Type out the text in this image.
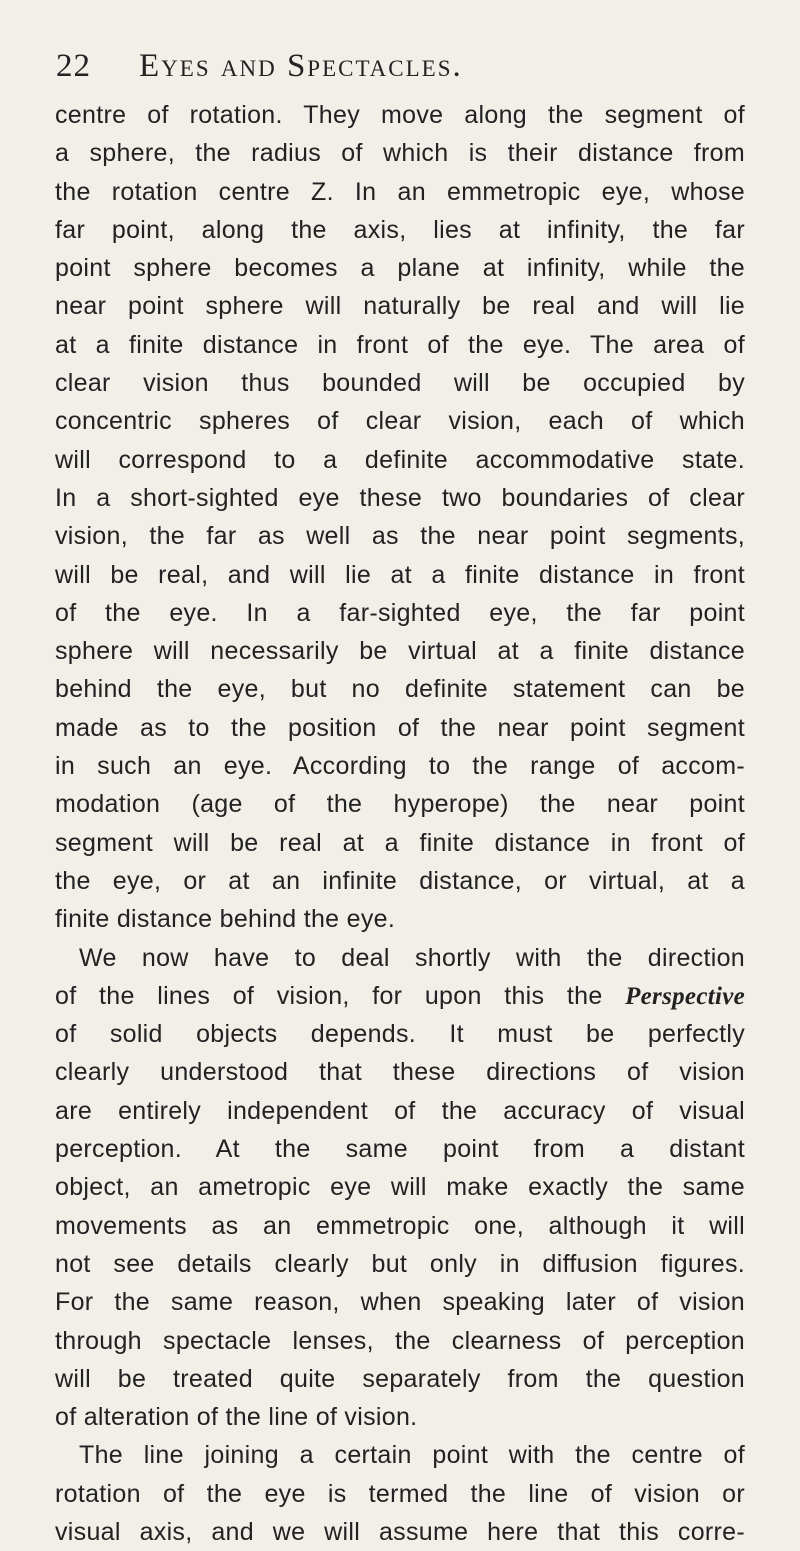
22 Eyes and Spectacles.
centre of rotation. They move along the segment of
a sphere, the radius of which is their distance from
the rotation centre Z. In an emmetropic eye, whose
far point, along the axis, lies at infinity, the far
point sphere becomes a plane at infinity, while the
near point sphere will naturally be real and will lie
at a finite distance in front of the eye. The area of
clear vision thus bounded will be occupied by
concentric spheres of clear vision, each of which
will correspond to a definite accommodative state.
In a short-sighted eye these two boundaries of clear
vision, the far as well as the near point segments,
will be real, and will lie at a finite distance in front
of the eye. In a far-sighted eye, the far point
sphere will necessarily be virtual at a finite distance
behind the eye, but no definite statement can be
made as to the position of the near point segment
in such an eye. According to the range of accom-
modation (age of the hyperope) the near point
segment will be real at a finite distance in front of
the eye, or at an infinite distance, or virtual, at a
finite distance behind the eye.
We now have to deal shortly with the direction
of the lines of vision, for upon this the Perspective
of solid objects depends. It must be perfectly
clearly understood that these directions of vision
are entirely independent of the accuracy of visual
perception. At the same point from a distant
object, an ametropic eye will make exactly the same
movements as an emmetropic one, although it will
not see details clearly but only in diffusion figures.
For the same reason, when speaking later of vision
through spectacle lenses, the clearness of perception
will be treated quite separately from the question
of alteration of the line of vision.
The line joining a certain point with the centre of
rotation of the eye is termed the line of vision or
visual axis, and we will assume here that this corre-
